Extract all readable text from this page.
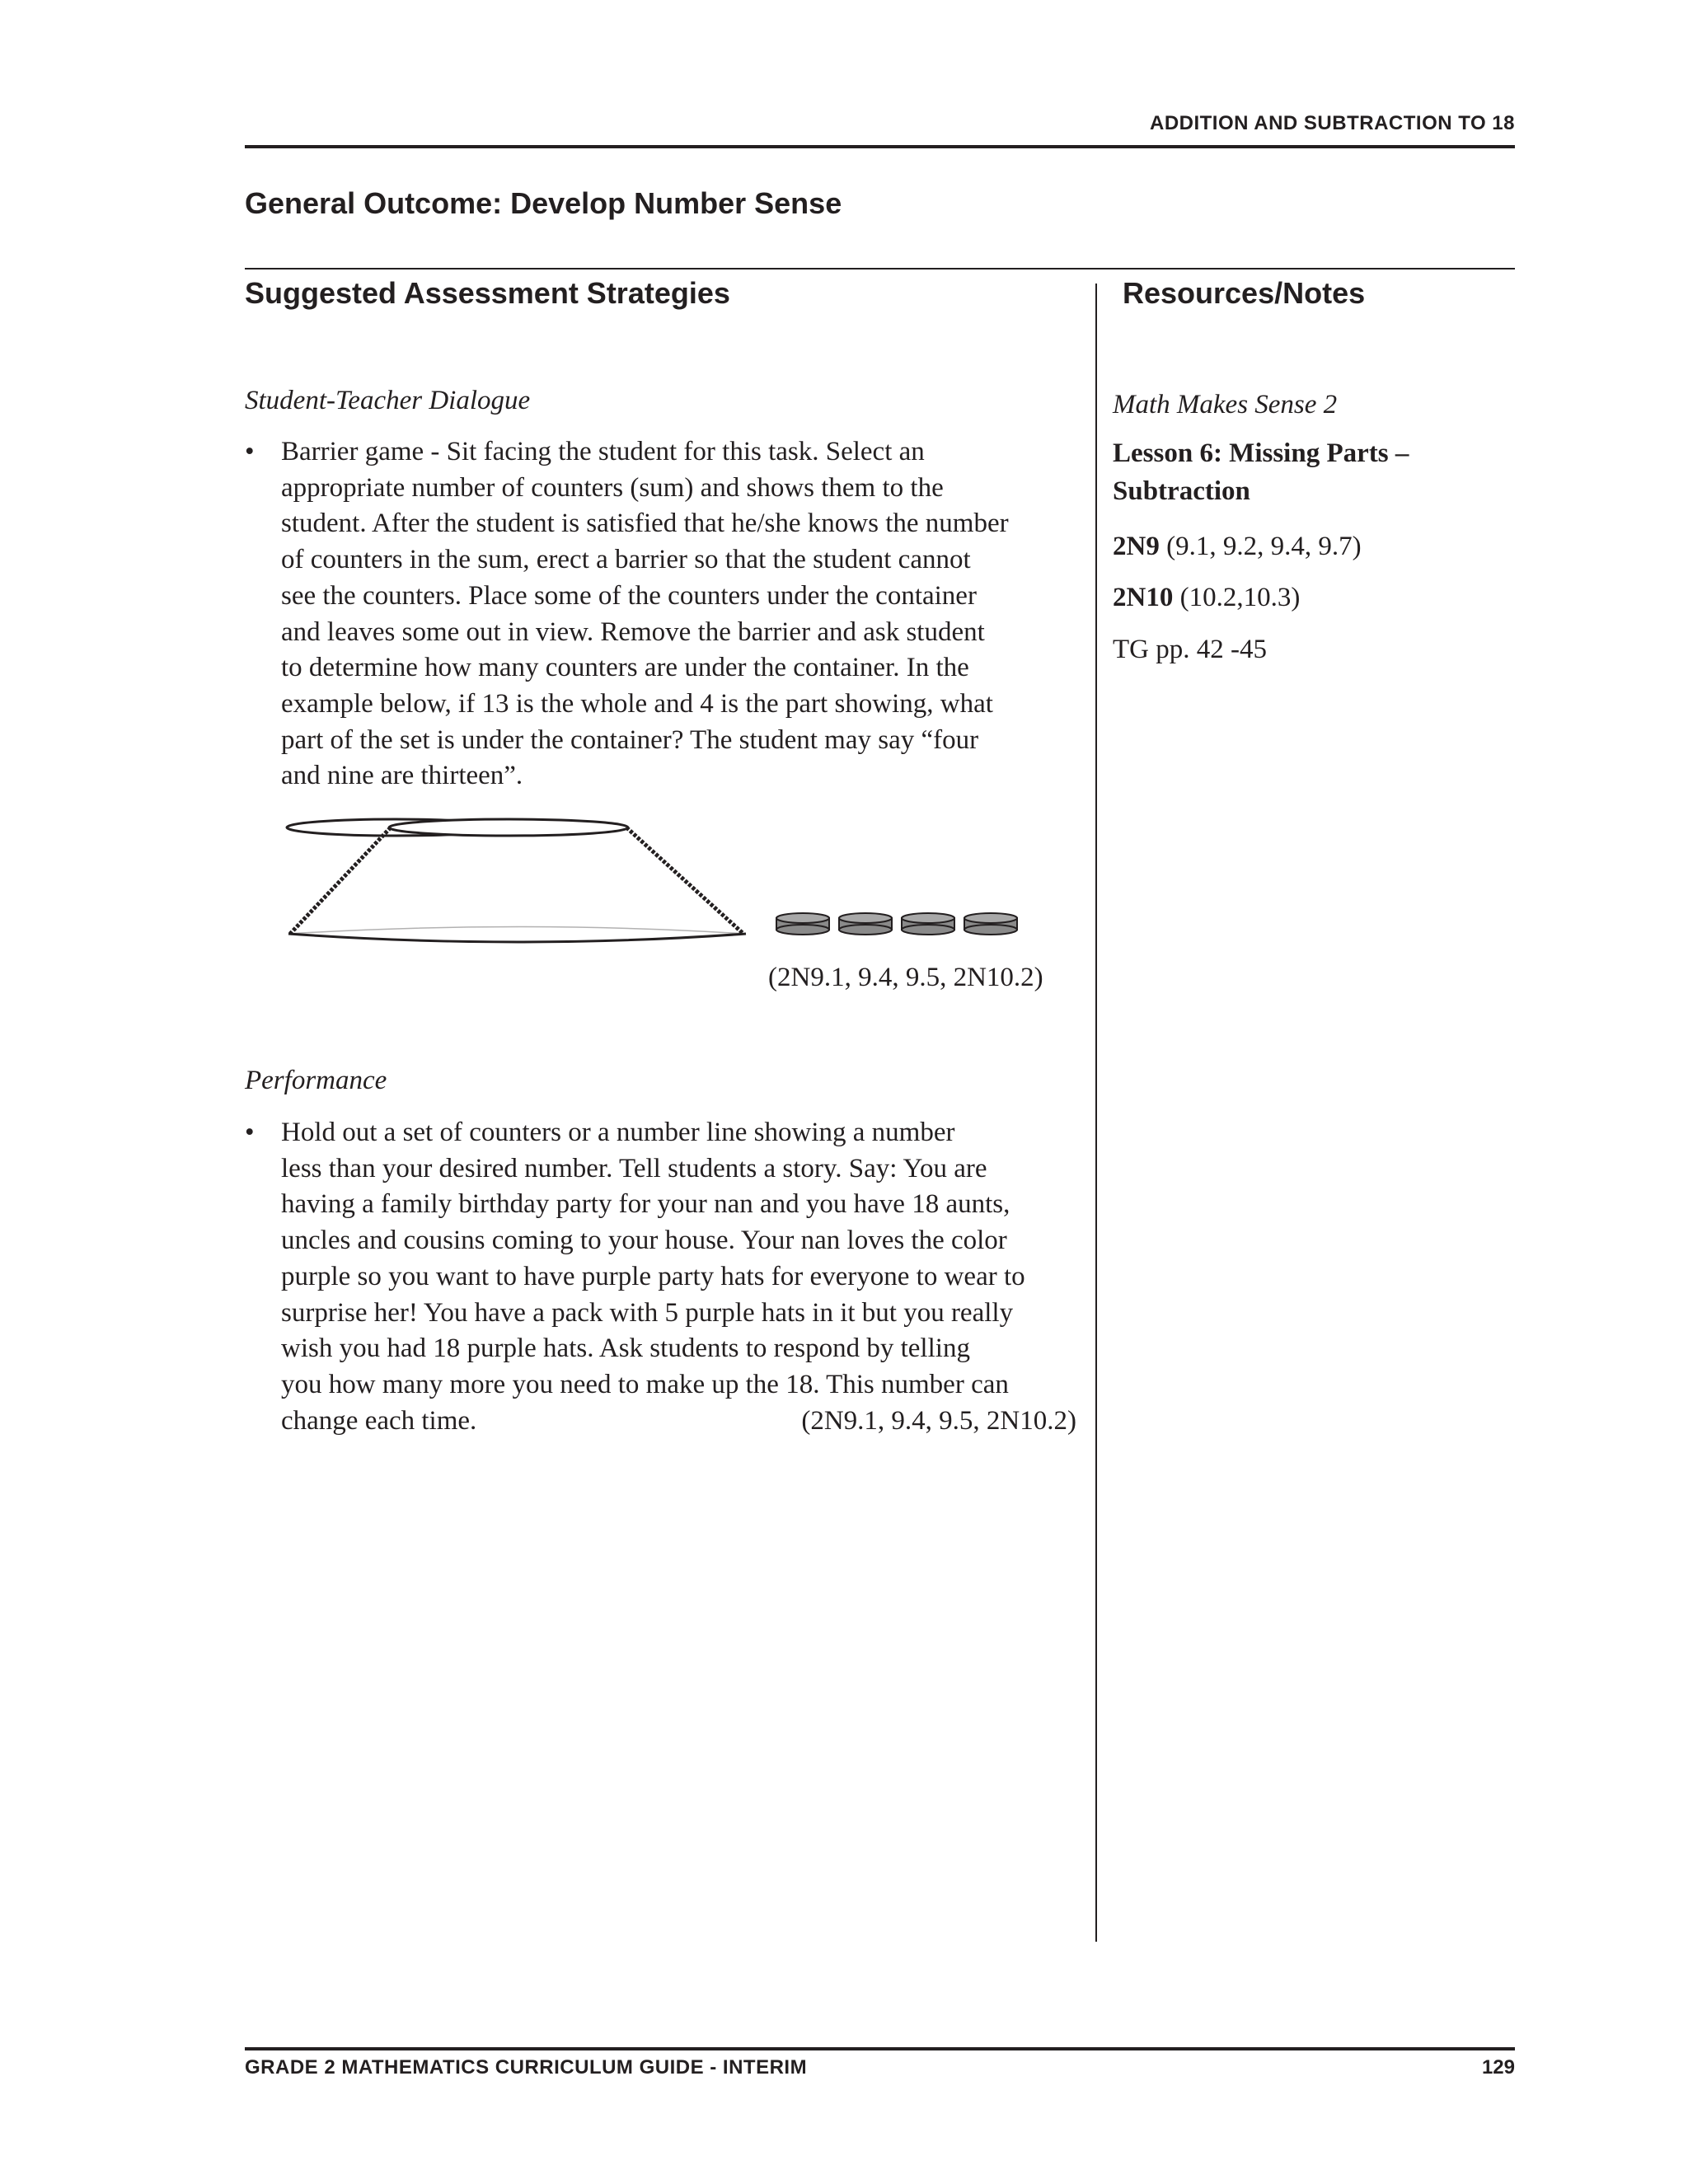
ADDITION AND SUBTRACTION TO 18
General Outcome: Develop Number Sense
Suggested Assessment Strategies	Resources/Notes
Student-Teacher Dialogue
• Barrier game - Sit facing the student for this task. Select an
appropriate number of counters (sum) and shows them to the
student. After the student is satisfied that he/she knows the number
of counters in the sum, erect a barrier so that the student cannot
see the counters. Place some of the counters under the container
and leaves some out in view. Remove the barrier and ask student
to determine how many counters are under the container. In the
example below, if 13 is the whole and 4 is the part showing, what
part of the set is under the container? The student may say “four
and nine are thirteen”.
(2N9.1, 9.4, 9.5, 2N10.2)
Performance
• Hold out a set of counters or a number line showing a number
less than your desired number. Tell students a story. Say: You are
having a family birthday party for your nan and you have 18 aunts,
uncles and cousins coming to your house. Your nan loves the color
purple so you want to have purple party hats for everyone to wear to
surprise her! You have a pack with 5 purple hats in it but you really
wish you had 18 purple hats. Ask students to respond by telling
you how many more you need to make up the 18. This number can
change each time.	(2N9.1, 9.4, 9.5, 2N10.2)
Math Makes Sense 2
Lesson 6: Missing Parts – Subtraction
2N9 (9.1, 9.2, 9.4, 9.7)
2N10 (10.2,10.3)
TG pp. 42 -45
GRADE 2 MATHEMATICS CURRICULUM GUIDE - INTERIM	129
